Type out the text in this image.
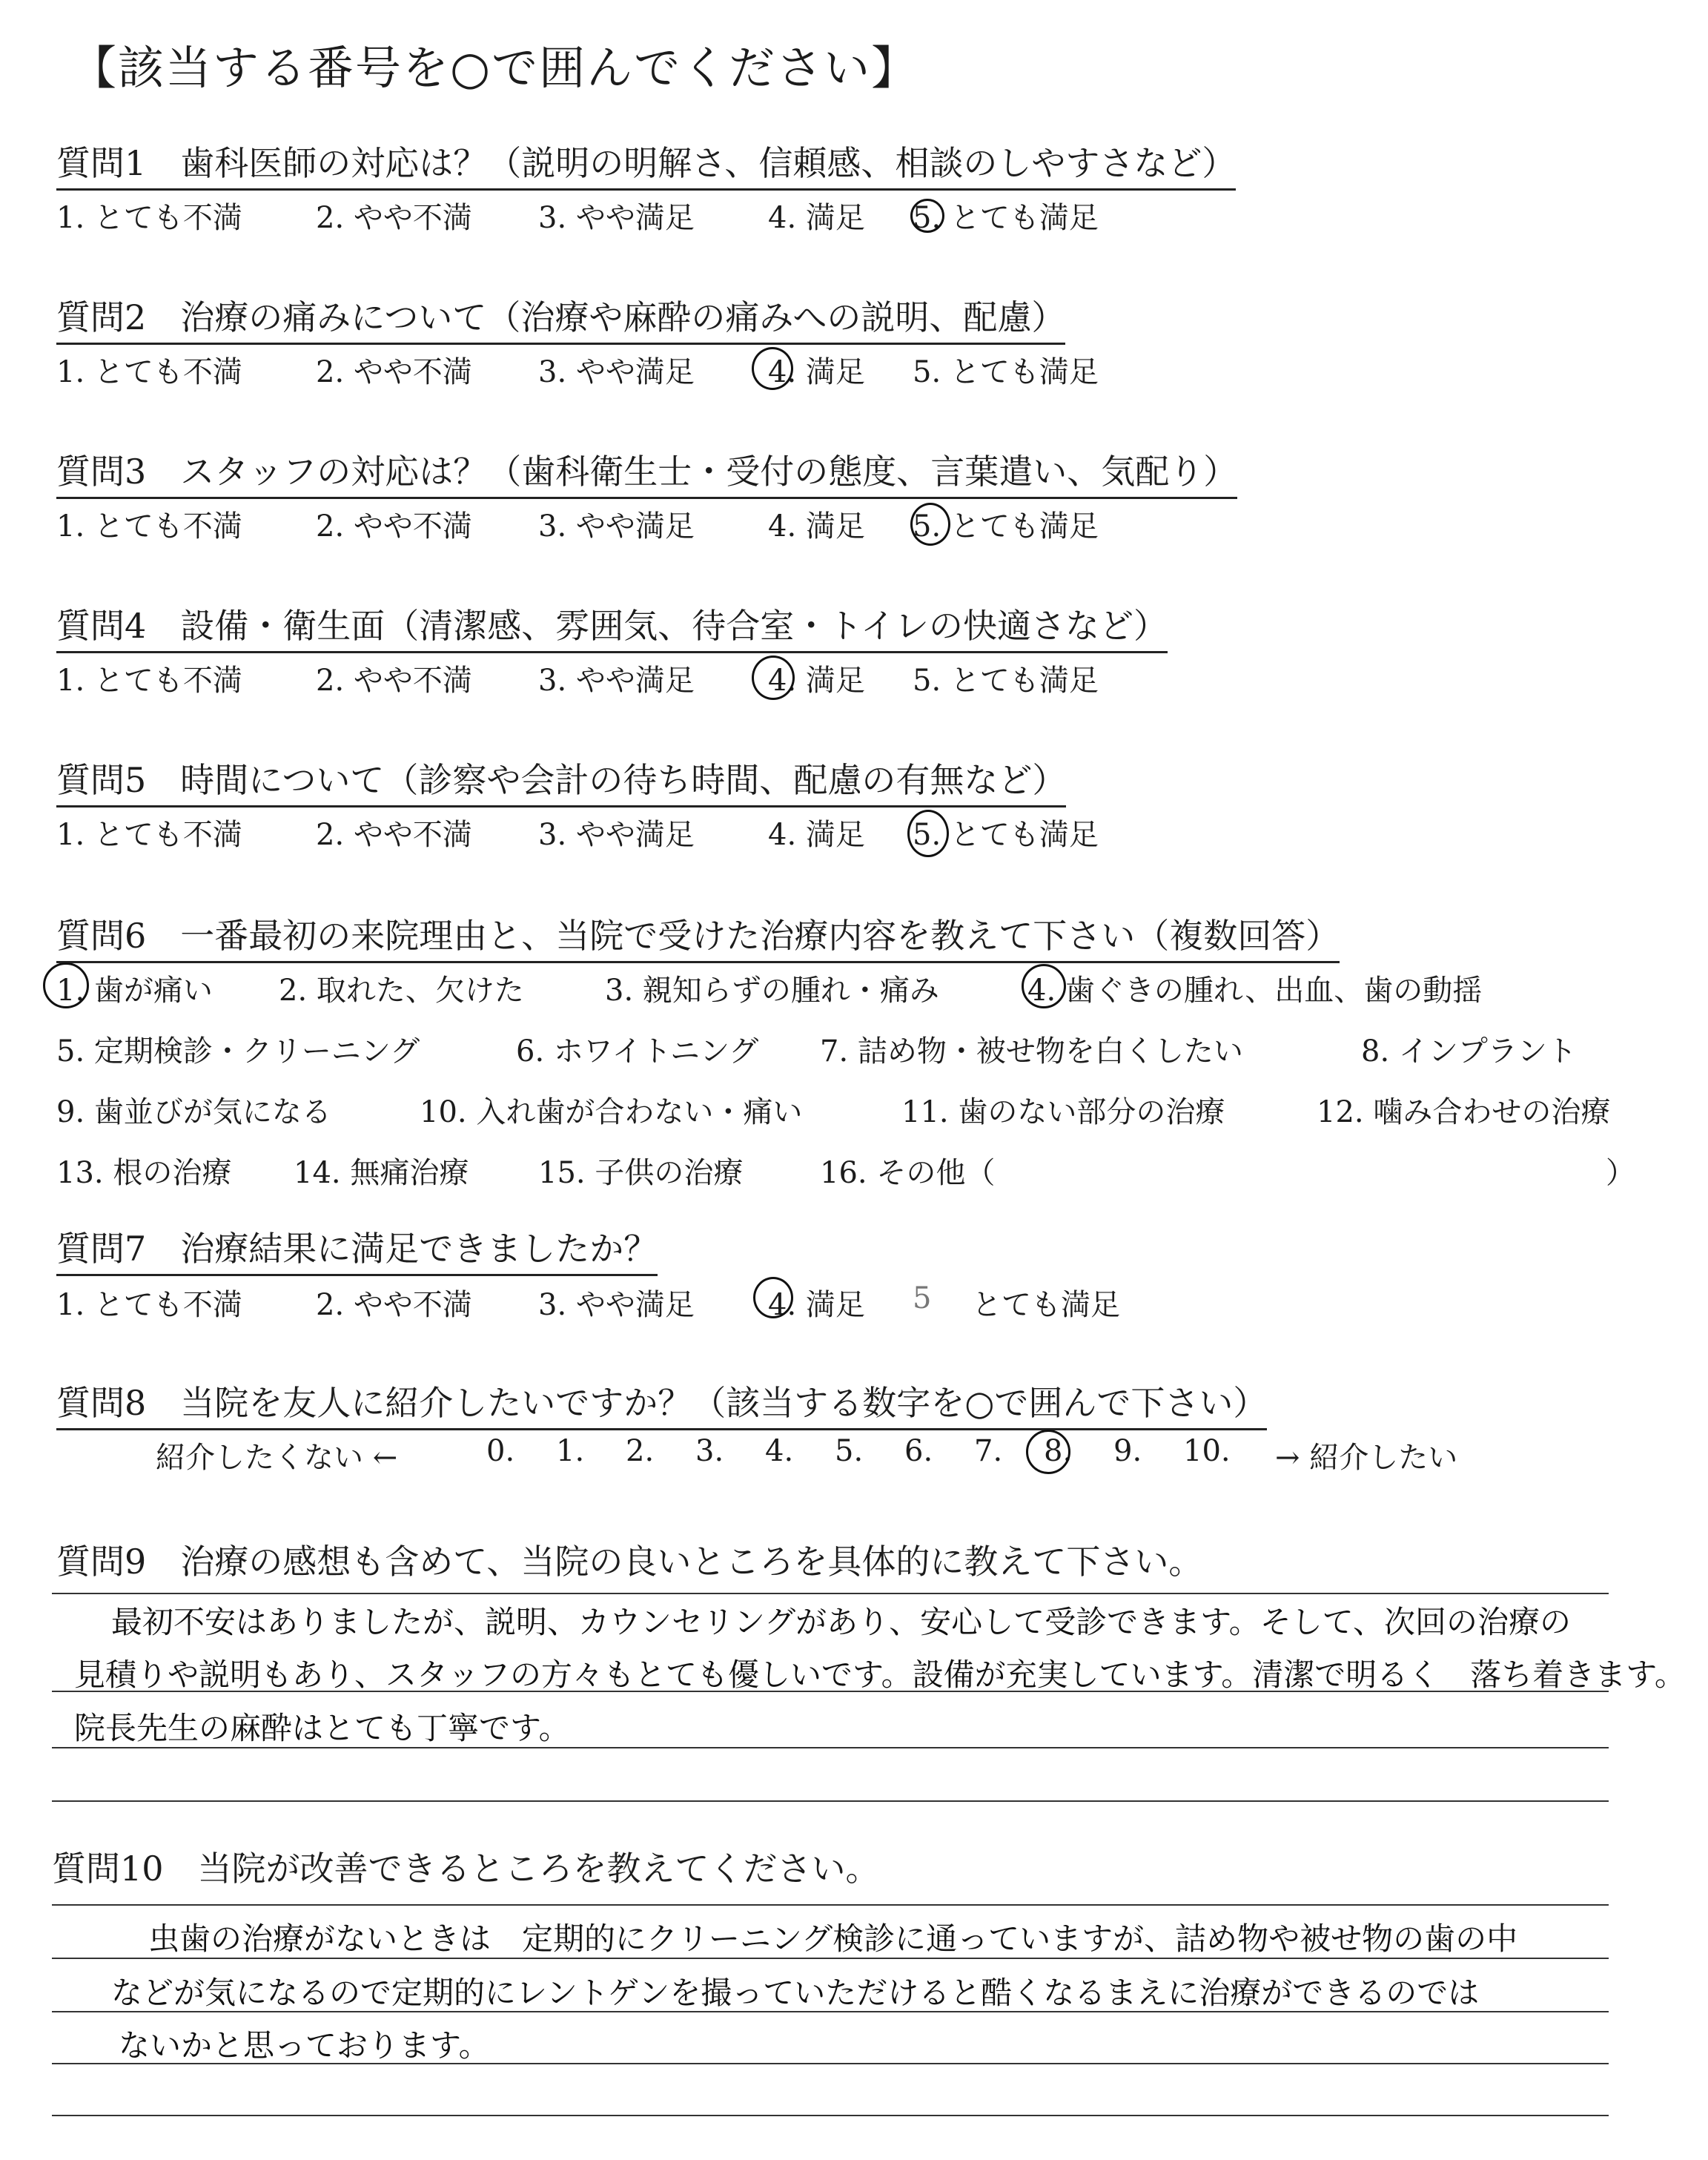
【該当する番号を○で囲んでください】
質問1　歯科医師の対応は？（説明の明解さ、信頼感、相談のしやすさなど）
1. とても不満 2. やや不満 3. やや満足 4. 満足 5. とても満足
質問2　治療の痛みについて（治療や麻酔の痛みへの説明、配慮）
1. とても不満 2. やや不満 3. やや満足 4. 満足 5. とても満足
質問3　スタッフの対応は？（歯科衛生士・受付の態度、言葉遣い、気配り）
1. とても不満 2. やや不満 3. やや満足 4. 満足 5. とても満足
質問4　設備・衛生面（清潔感、雰囲気、待合室・トイレの快適さなど）
1. とても不満 2. やや不満 3. やや満足 4. 満足 5. とても満足
質問5　時間について（診察や会計の待ち時間、配慮の有無など）
1. とても不満 2. やや不満 3. やや満足 4. 満足 5. とても満足
質問6　一番最初の来院理由と、当院で受けた治療内容を教えて下さい（複数回答）
1. 歯が痛い 2. 取れた、欠けた	3. 親知らずの腫れ・痛み	4. 歯ぐきの腫れ、出血、歯の動揺
5. 定期検診・クリーニング	6. ホワイトニング 7. 詰め物・被せ物を白くしたい	8. インプラント
9. 歯並びが気になる	10. 入れ歯が合わない・痛い	11. 歯のない部分の治療	12. 噛み合わせの治療
13. 根の治療 14. 無痛治療 15. 子供の治療	16. その他（	）
質問7　治療結果に満足できましたか？
1. とても不満 2. やや不満 3. やや満足 4. 満足 5 とても満足
質問8　当院を友人に紹介したいですか？（該当する数字を○で囲んで下さい）
紹介したくない ←	0. 1. 2. 3. 4. 5. 6. 7. 8. 9. 10. → 紹介したい
質問9　治療の感想も含めて、当院の良いところを具体的に教えて下さい。
最初不安はありましたが、説明、カウンセリングがあり、安心して受診できます。そして、次回の治療の
見積りや説明もあり、スタッフの方々もとても優しいです。設備が充実しています。清潔で明るく　落ち着きます。
院長先生の麻酔はとても丁寧です。
質問10　当院が改善できるところを教えてください。
虫歯の治療がないときは　定期的にクリーニング検診に通っていますが、詰め物や被せ物の歯の中
などが気になるので定期的にレントゲンを撮っていただけると酷くなるまえに治療ができるのでは
ないかと思っております。
